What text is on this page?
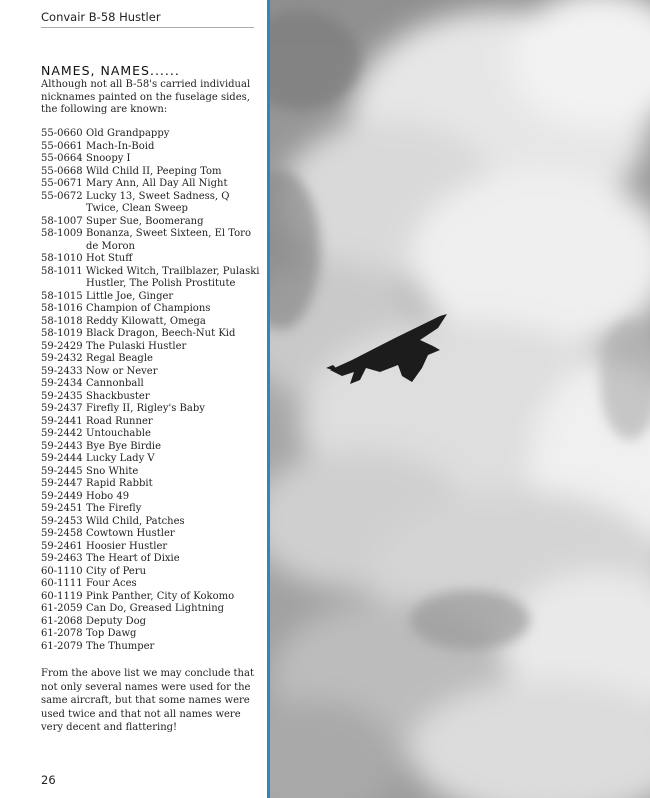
Convair B-58 Hustler
NAMES, NAMES......
Although not all B-58's carried individual nicknames painted on the fuselage sides, the following are known:
55-0660 Old Grandpappy
55-0661 Mach-In-Boid
55-0664 Snoopy I
55-0668 Wild Child II, Peeping Tom
55-0671 Mary Ann, All Day All Night
55-0672 Lucky 13, Sweet Sadness, Q Twice, Clean Sweep
58-1007 Super Sue, Boomerang
58-1009 Bonanza, Sweet Sixteen, El Toro de Moron
58-1010 Hot Stuff
58-1011 Wicked Witch, Trailblazer, Pulaski Hustler, The Polish Prostitute
58-1015 Little Joe, Ginger
58-1016 Champion of Champions
58-1018 Reddy Kilowatt, Omega
58-1019 Black Dragon, Beech-Nut Kid
59-2429 The Pulaski Hustler
59-2432 Regal Beagle
59-2433 Now or Never
59-2434 Cannonball
59-2435 Shackbuster
59-2437 Firefly II, Rigley's Baby
59-2441 Road Runner
59-2442 Untouchable
59-2443 Bye Bye Birdie
59-2444 Lucky Lady V
59-2445 Sno White
59-2447 Rapid Rabbit
59-2449 Hobo 49
59-2451 The Firefly
59-2453 Wild Child, Patches
59-2458 Cowtown Hustler
59-2461 Hoosier Hustler
59-2463 The Heart of Dixie
60-1110 City of Peru
60-1111 Four Aces
60-1119 Pink Panther, City of Kokomo
61-2059 Can Do, Greased Lightning
61-2068 Deputy Dog
61-2078 Top Dawg
61-2079 The Thumper
From the above list we may conclude that not only several names were used for the same aircraft, but that some names were used twice and that not all names were very decent and flattering!
26
